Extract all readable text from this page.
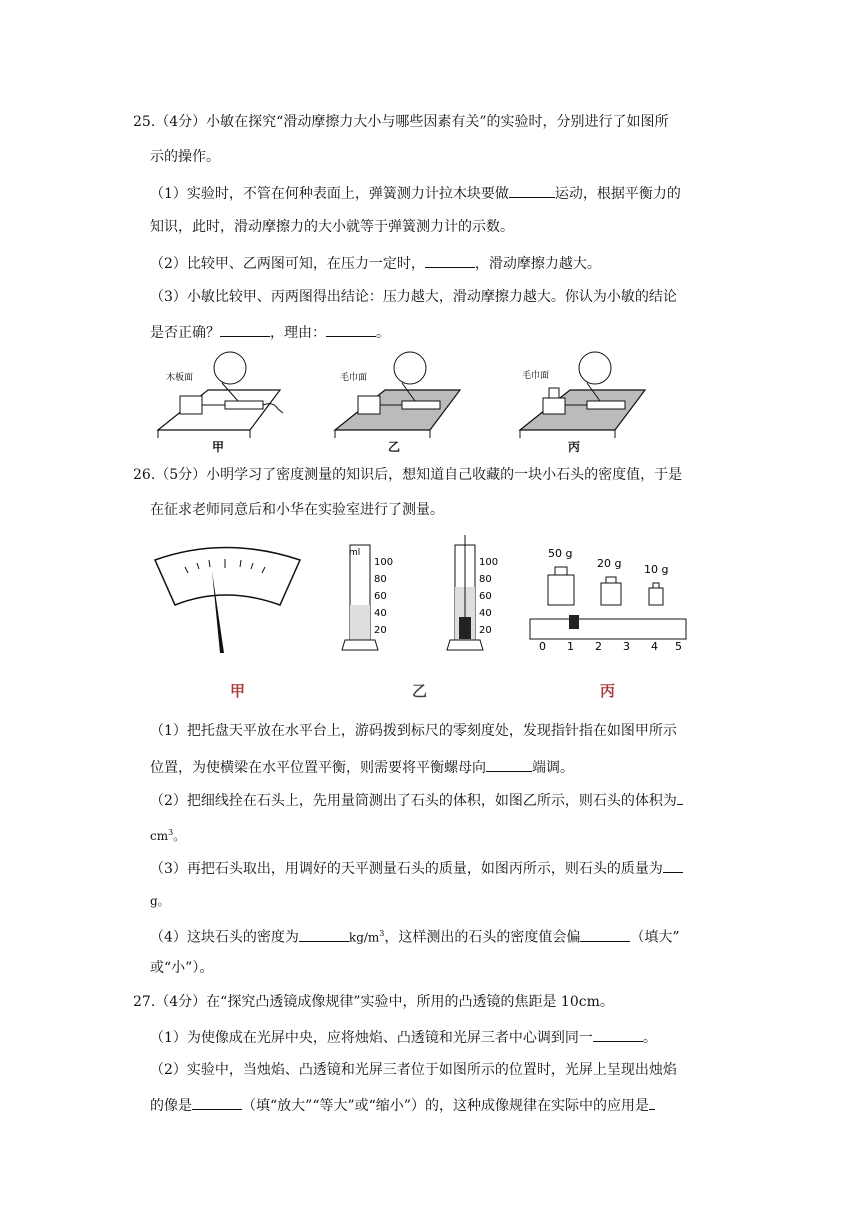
25.（4分）小敏在探究“滑动摩擦力大小与哪些因素有关”的实验时，分别进行了如图所
示的操作。
（1）实验时，不管在何种表面上，弹簧测力计拉木块要做	运动，根据平衡力的
知识，此时，滑动摩擦力的大小就等于弹簧测力计的示数。
（2）比较甲、乙两图可知，在压力一定时，	，滑动摩擦力越大。
（3）小敏比较甲、丙两图得出结论：压力越大，滑动摩擦力越大。你认为小敏的结论
是否正确？	，理由：	。
木板面	毛巾面	毛巾面
甲	乙	丙
26.（5分）小明学习了密度测量的知识后，想知道自己收藏的一块小石头的密度值，于是
在征求老师同意后和小华在实验室进行了测量。
ml
100
80
60
40
20
100
80
60
40
20
50 g
20 g 10 g
0 1 2 3 4 5
甲	乙	丙
（1）把托盘天平放在水平台上，游码拨到标尺的零刻度处，发现指针指在如图甲所示
位置，为使横梁在水平位置平衡，则需要将平衡螺母向	端调。
（2）把细线拴在石头上，先用量筒测出了石头的体积，如图乙所示，则石头的体积为
$cm^3$。
（3）再把石头取出，用调好的天平测量石头的质量，如图丙所示，则石头的质量为
g。
（4）这块石头的密度为	$kg/m^3$，这样测出的石头的密度值会偏	（填大”
或“小”）。
27.（4分）在“探究凸透镜成像规律”实验中，所用的凸透镜的焦距是 10cm。
（1）为使像成在光屏中央，应将烛焰、凸透镜和光屏三者中心调到同一	。
（2）实验中，当烛焰、凸透镜和光屏三者位于如图所示的位置时，光屏上呈现出烛焰
的像是	（填“放大”“等大”或“缩小”）的，这种成像规律在实际中的应用是
